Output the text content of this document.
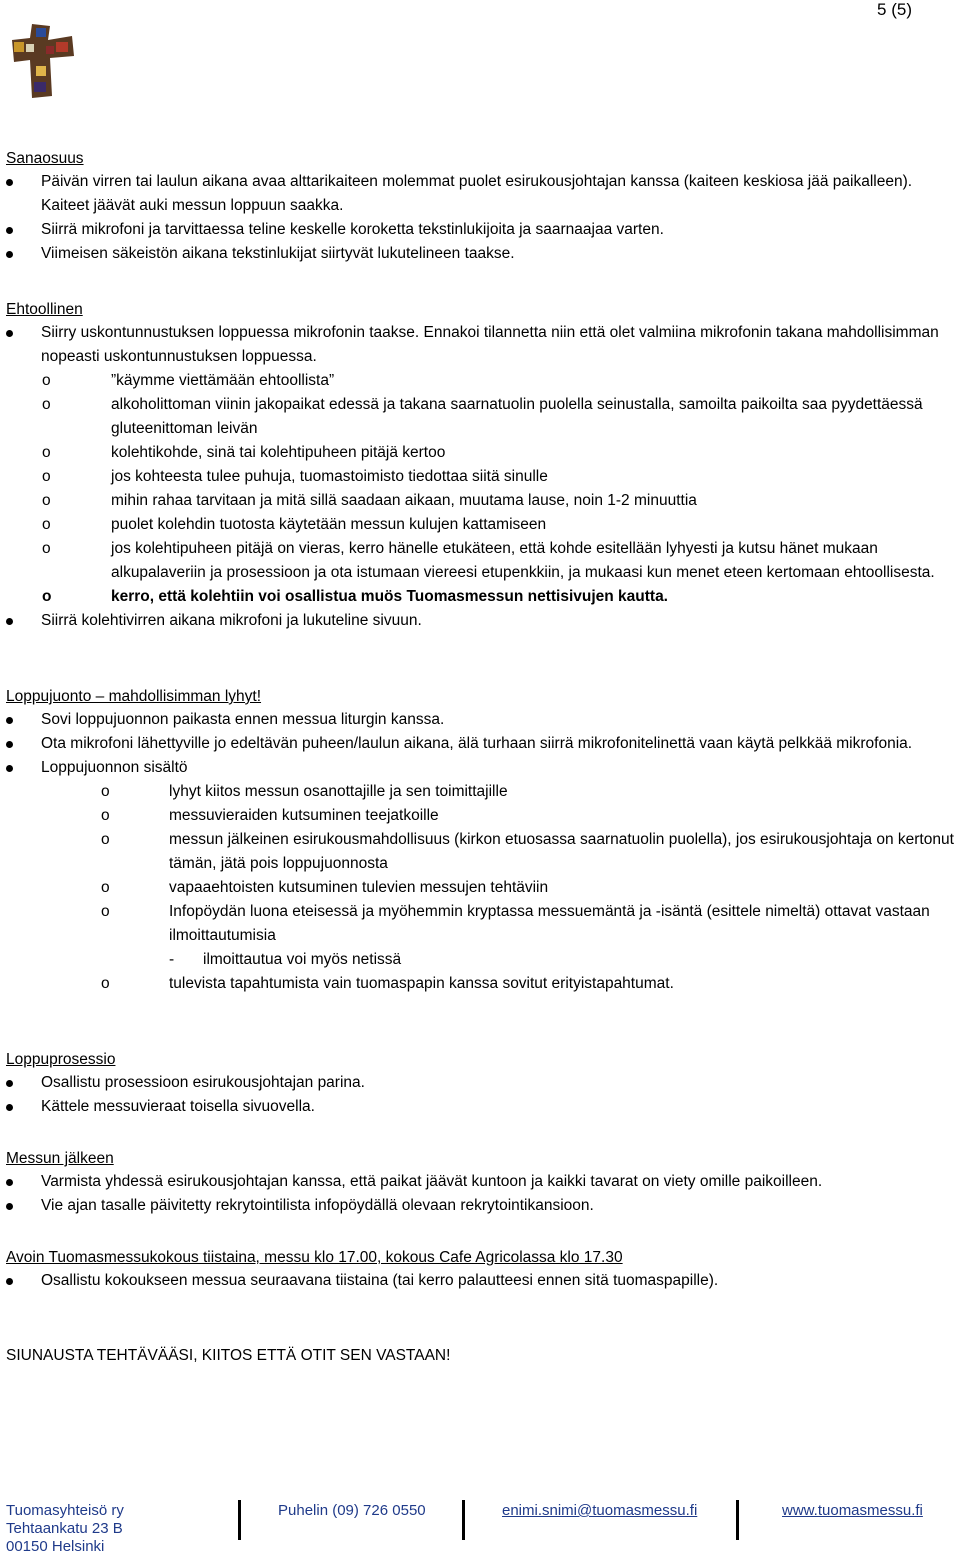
5 (5)
Sanaosuus
Päivän virren tai laulun aikana avaa alttarikaiteen molemmat puolet esirukousjohtajan kanssa (kaiteen keskiosa jää paikalleen). Kaiteet jäävät auki messun loppuun saakka.
Siirrä mikrofoni ja tarvittaessa teline keskelle koroketta tekstinlukijoita ja saarnaajaa varten.
Viimeisen säkeistön aikana tekstinlukijat siirtyvät lukutelineen taakse.
Ehtoollinen
Siirry uskontunnustuksen loppuessa mikrofonin taakse. Ennakoi tilannetta niin että olet valmiina mikrofonin takana mahdollisimman nopeasti uskontunnustuksen loppuessa.
o ”käymme viettämään ehtoollista”
o alkoholittoman viinin jakopaikat edessä ja takana saarnatuolin puolella seinustalla, samoilta paikoilta saa pyydettäessä gluteenittoman leivän
o kolehtikohde, sinä tai kolehtipuheen pitäjä kertoo
o jos kohteesta tulee puhuja, tuomastoimisto tiedottaa siitä sinulle
o mihin rahaa tarvitaan ja mitä sillä saadaan aikaan, muutama lause, noin 1-2 minuuttia
o puolet kolehdin tuotosta käytetään messun kulujen kattamiseen
o jos kolehtipuheen pitäjä on vieras, kerro hänelle etukäteen, että kohde esitellään lyhyesti ja kutsu hänet mukaan alkupalaveriin ja prosessioon ja ota istumaan viereesi etupenkkiin, ja mukaasi kun menet eteen kertomaan ehtoollisesta.
o kerro, että kolehtiin voi osallistua muös Tuomasmessun nettisivujen kautta.
Siirrä kolehtivirren aikana mikrofoni ja lukuteline sivuun.
Loppujuonto – mahdollisimman lyhyt!
Sovi loppujuonnon paikasta ennen messua liturgin kanssa.
Ota mikrofoni lähettyville jo edeltävän puheen/laulun aikana, älä turhaan siirrä mikrofonitelinettä vaan käytä pelkkää mikrofonia.
Loppujuonnon sisältö
o lyhyt kiitos messun osanottajille ja sen toimittajille
o messuvieraiden kutsuminen teejatkoille
o messun jälkeinen esirukousmahdollisuus (kirkon etuosassa saarnatuolin puolella), jos esirukousjohtaja on kertonut tämän, jätä pois loppujuonnosta
o vapaaehtoisten kutsuminen tulevien messujen tehtäviin
o Infopöydän luona eteisessä ja myöhemmin kryptassa messuemäntä ja -isäntä (esittele nimeltä) ottavat vastaan ilmoittautumisia
- ilmoittautua voi myös netissä
o tulevista tapahtumista vain tuomaspapin kanssa sovitut erityistapahtumat.
Loppuprosessio
Osallistu prosessioon esirukousjohtajan parina.
Kättele messuvieraat toisella sivuovella.
Messun jälkeen
Varmista yhdessä esirukousjohtajan kanssa, että paikat jäävät kuntoon ja kaikki tavarat on viety omille paikoilleen.
Vie ajan tasalle päivitetty rekrytointilista infopöydällä olevaan rekrytointikansioon.
Avoin Tuomasmessukokous tiistaina, messu klo 17.00, kokous Cafe Agricolassa klo 17.30
Osallistu kokoukseen messua seuraavana tiistaina (tai kerro palautteesi ennen sitä tuomaspapille).
SIUNAUSTA TEHTÄVÄÄSI, KIITOS ETTÄ OTIT SEN VASTAAN!
Tuomasyhteisö ry
Tehtaankatu 23 B
00150 Helsinki
Puhelin (09) 726 0550	enimi.snimi@tuomasmessu.fi	www.tuomasmessu.fi
